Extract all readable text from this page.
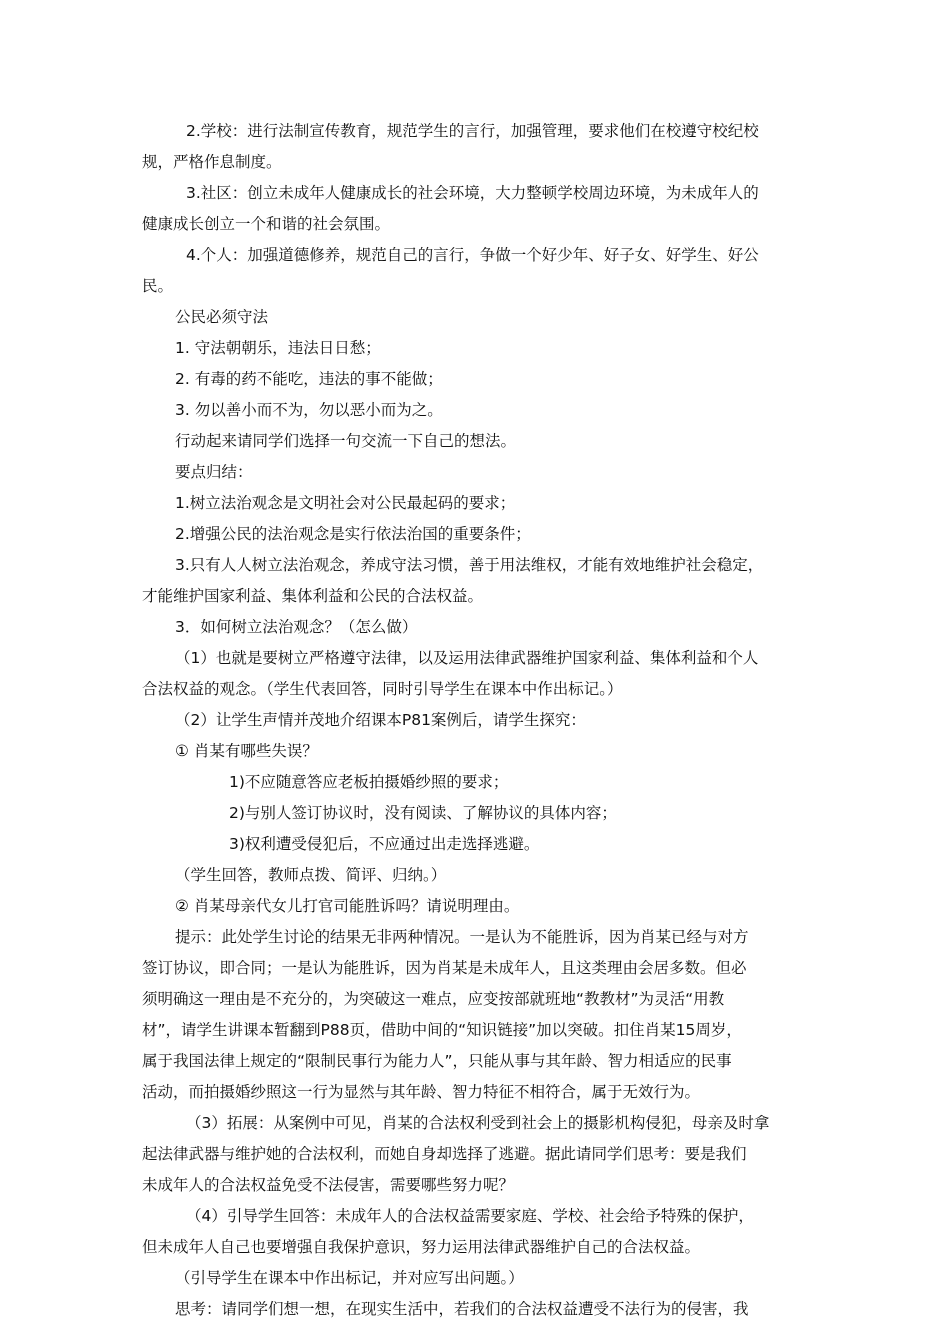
2.学校：进行法制宣传教育，规范学生的言行，加强管理，要求他们在校遵守校纪校
规，严格作息制度。
3.社区：创立未成年人健康成长的社会环境，大力整顿学校周边环境，为未成年人的
健康成长创立一个和谐的社会氛围。
4.个人：加强道德修养，规范自己的言行，争做一个好少年、好子女、好学生、好公
民。
公民必须守法
1. 守法朝朝乐，违法日日愁；
2. 有毒的药不能吃，违法的事不能做；
3. 勿以善小而不为，勿以恶小而为之。
行动起来请同学们选择一句交流一下自己的想法。
要点归结：
1.树立法治观念是文明社会对公民最起码的要求；
2.增强公民的法治观念是实行依法治国的重要条件；
3.只有人人树立法治观念，养成守法习惯，善于用法维权，才能有效地维护社会稳定，
才能维护国家利益、集体利益和公民的合法权益。
3．如何树立法治观念？（怎么做）
（1）也就是要树立严格遵守法律，以及运用法律武器维护国家利益、集体利益和个人
合法权益的观念。（学生代表回答，同时引导学生在课本中作出标记。）
（2）让学生声情并茂地介绍课本P81案例后，请学生探究：
① 肖某有哪些失误？
1)不应随意答应老板拍摄婚纱照的要求；
2)与别人签订协议时，没有阅读、了解协议的具体内容；
3)权利遭受侵犯后，不应通过出走选择逃避。
（学生回答，教师点拨、简评、归纳。）
② 肖某母亲代女儿打官司能胜诉吗？请说明理由。
提示：此处学生讨论的结果无非两种情况。一是认为不能胜诉，因为肖某已经与对方
签订协议，即合同；一是认为能胜诉，因为肖某是未成年人，且这类理由会居多数。但必
须明确这一理由是不充分的，为突破这一难点，应变按部就班地“教教材”为灵活“用教
材”，请学生讲课本暂翻到P88页，借助中间的“知识链接”加以突破。扣住肖某15周岁，
属于我国法律上规定的“限制民事行为能力人”，只能从事与其年龄、智力相适应的民事
活动，而拍摄婚纱照这一行为显然与其年龄、智力特征不相符合，属于无效行为。
（3）拓展：从案例中可见，肖某的合法权利受到社会上的摄影机构侵犯，母亲及时拿
起法律武器与维护她的合法权利，而她自身却选择了逃避。据此请同学们思考：要是我们
未成年人的合法权益免受不法侵害，需要哪些努力呢？
（4）引导学生回答：未成年人的合法权益需要家庭、学校、社会给予特殊的保护，
但未成年人自己也要增强自我保护意识，努力运用法律武器维护自己的合法权益。
（引导学生在课本中作出标记，并对应写出问题。）
思考：请同学们想一想，在现实生活中，若我们的合法权益遭受不法行为的侵害，我
